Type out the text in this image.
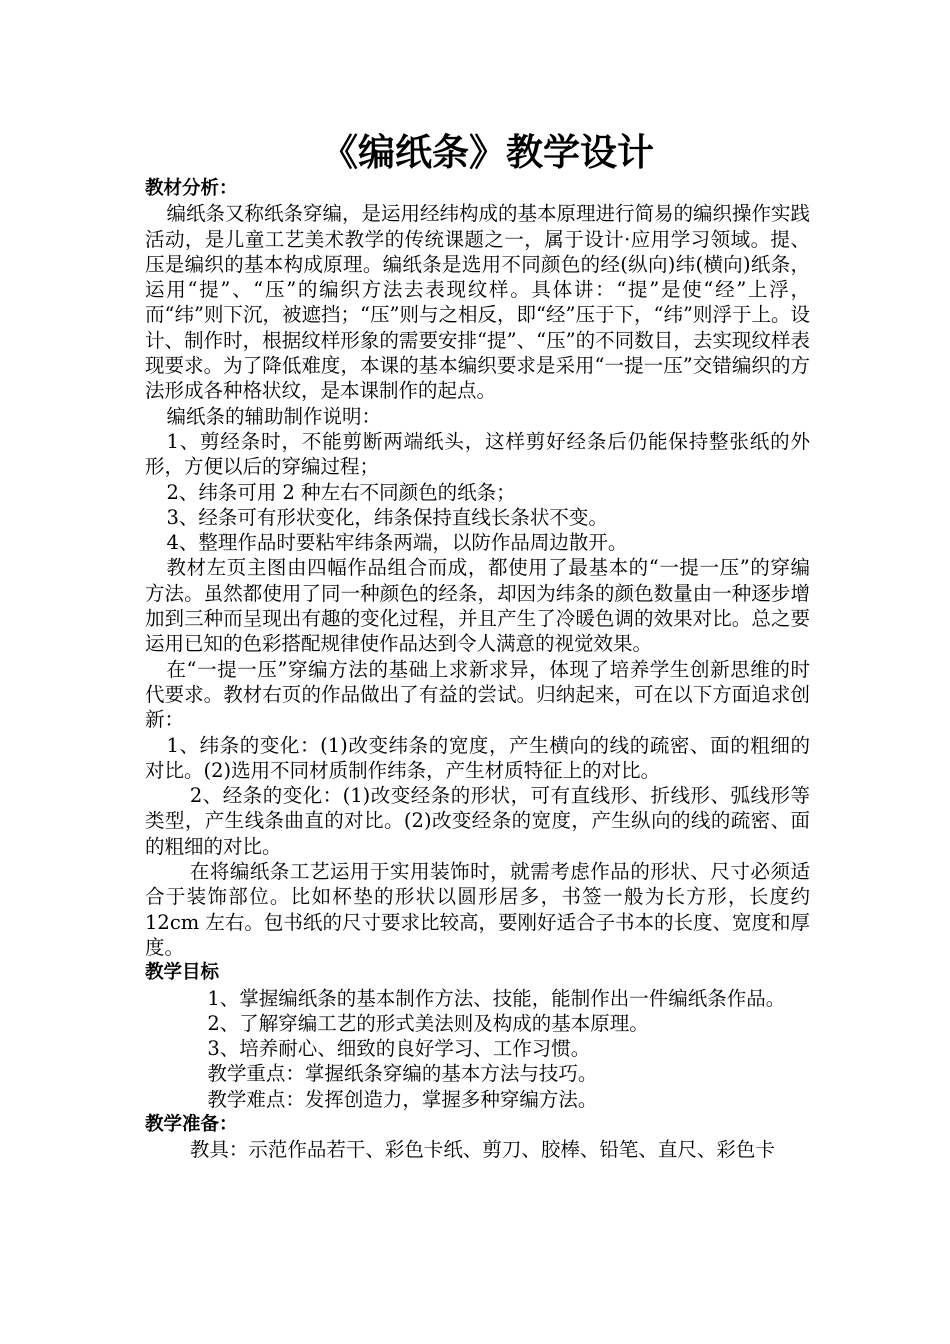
《编纸条》教学设计
教材分析：

编纸条又称纸条穿编，是运用经纬构成的基本原理进行简易的编织操作实践活动，是儿童工艺美术教学的传统课题之一，属于设计·应用学习领域。提、压是编织的基本构成原理。编纸条是选用不同颜色的经(纵向)纬(横向)纸条，运用“提”、“压”的编织方法去表现纹样。具体讲：“提”是使“经”上浮，而“纬”则下沉，被遮挡；“压”则与之相反，即“经”压于下，“纬”则浮于上。设计、制作时，根据纹样形象的需要安排“提”、“压”的不同数目，去实现纹样表现要求。为了降低难度，本课的基本编织要求是采用“一提一压”交错编织的方法形成各种格状纹，是本课制作的起点。

编纸条的辅助制作说明：

1、剪经条时，不能剪断两端纸头，这样剪好经条后仍能保持整张纸的外形，方便以后的穿编过程；

2、纬条可用 2 种左右不同颜色的纸条；

3、经条可有形状变化，纬条保持直线长条状不变。

4、整理作品时要粘牢纬条两端，以防作品周边散开。

教材左页主图由四幅作品组合而成，都使用了最基本的“一提一压”的穿编方法。虽然都使用了同一种颜色的经条，却因为纬条的颜色数量由一种逐步增加到三种而呈现出有趣的变化过程，并且产生了冷暖色调的效果对比。总之要运用已知的色彩搭配规律使作品达到令人满意的视觉效果。

在“一提一压”穿编方法的基础上求新求异，体现了培养学生创新思维的时代要求。教材右页的作品做出了有益的尝试。归纳起来，可在以下方面追求创新：

1、纬条的变化：(1)改变纬条的宽度，产生横向的线的疏密、面的粗细的对比。(2)选用不同材质制作纬条，产生材质特征上的对比。

2、经条的变化：(1)改变经条的形状，可有直线形、折线形、弧线形等类型，产生线条曲直的对比。(2)改变经条的宽度，产生纵向的线的疏密、面的粗细的对比。

在将编纸条工艺运用于实用装饰时，就需考虑作品的形状、尺寸必须适合于装饰部位。比如杯垫的形状以圆形居多，书签一般为长方形，长度约 12cm 左右。包书纸的尺寸要求比较高，要刚好适合子书本的长度、宽度和厚度。

教学目标

1、掌握编纸条的基本制作方法、技能，能制作出一件编纸条作品。

2、了解穿编工艺的形式美法则及构成的基本原理。

3、培养耐心、细致的良好学习、工作习惯。

教学重点：掌握纸条穿编的基本方法与技巧。

教学难点：发挥创造力，掌握多种穿编方法。

教学准备：

教具：示范作品若干、彩色卡纸、剪刀、胶棒、铅笔、直尺、彩色卡
